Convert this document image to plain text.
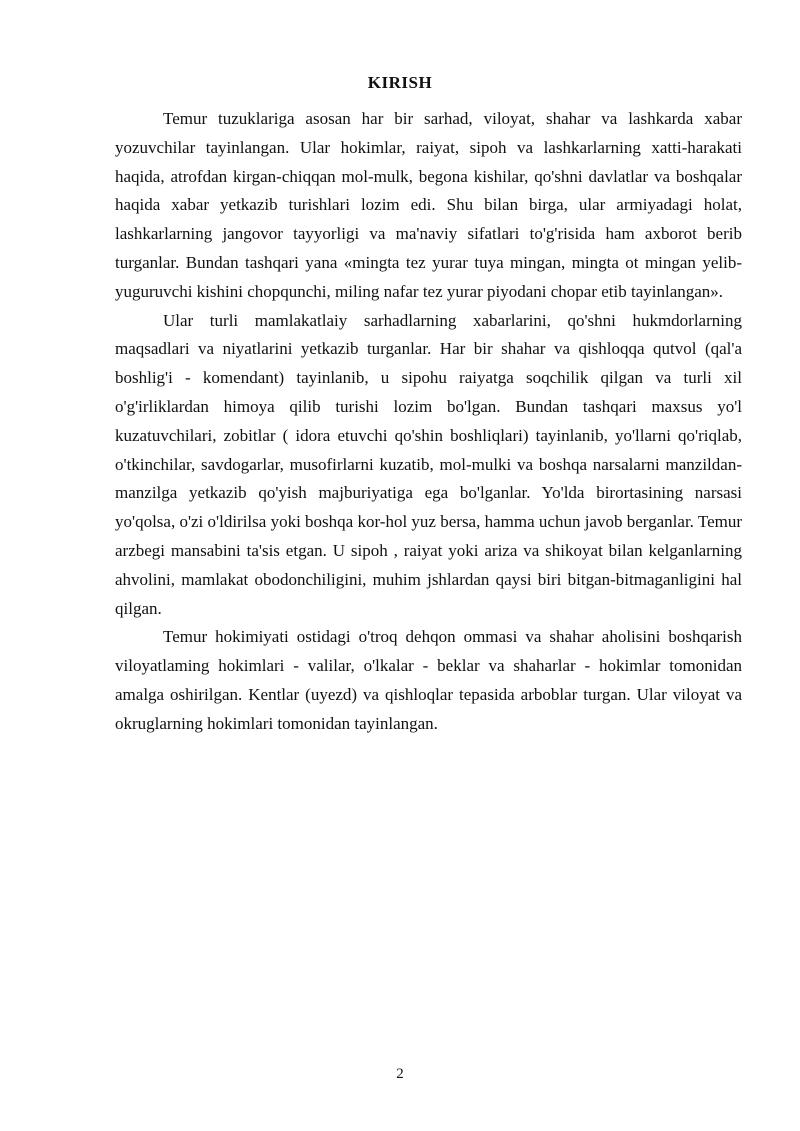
KIRISH

Temur tuzuklariga asosan har bir sarhad, viloyat, shahar va lashkarda xabar yozuvchilar tayinlangan. Ular hokimlar, raiyat, sipoh va lashkarlarning xatti-harakati haqida, atrofdan kirgan-chiqqan mol-mulk, begona kishilar, qo'shni davlatlar va boshqalar haqida xabar yetkazib turishlari lozim edi. Shu bilan birga, ular armiyadagi holat, lashkarlarning jangovor tayyorligi va ma'naviy sifatlari to'g'risida ham axborot berib turganlar. Bundan tashqari yana «mingta tez yurar tuya mingan, mingta ot mingan yelib-yuguruvchi kishini chopqunchi, miling nafar tez yurar piyodani chopar etib tayinlangan».

Ular turli mamlakatlaiy sarhadlarning xabarlarini, qo'shni hukmdorlarning maqsadlari va niyatlarini yetkazib turganlar. Har bir shahar va qishloqqa qutvol (qal'a boshlig'i - komendant) tayinlanib, u sipohu raiyatga soqchilik qilgan va turli xil o'g'irliklardan himoya qilib turishi lozim bo'lgan. Bundan tashqari maxsus yo'l kuzatuvchilari, zobitlar ( idora etuvchi qo'shin boshliqlari) tayinlanib, yo'llarni qo'riqlab, o'tkinchilar, savdogarlar, musofirlarni kuzatib, mol-mulki va boshqa narsalarni manzildan-manzilga yetkazib qo'yish majburiyatiga ega bo'lganlar. Yo'lda birortasining narsasi yo'qolsa, o'zi o'ldirilsa yoki boshqa kor-hol yuz bersa, hamma uchun javob berganlar. Temur arzbegi mansabini ta'sis etgan. U sipoh , raiyat yoki ariza va shikoyat bilan kelganlarning ahvolini, mamlakat obodonchiligini, muhim jshlardan qaysi biri bitgan-bitmaganligini hal qilgan.

Temur hokimiyati ostidagi o'troq dehqon ommasi va shahar aholisini boshqarish viloyatlaming hokimlari - valilar, o'lkalar - beklar va shaharlar - hokimlar tomonidan amalga oshirilgan. Kentlar (uyezd) va qishloqlar tepasida arboblar turgan. Ular viloyat va okruglarning hokimlari tomonidan tayinlangan.

2
